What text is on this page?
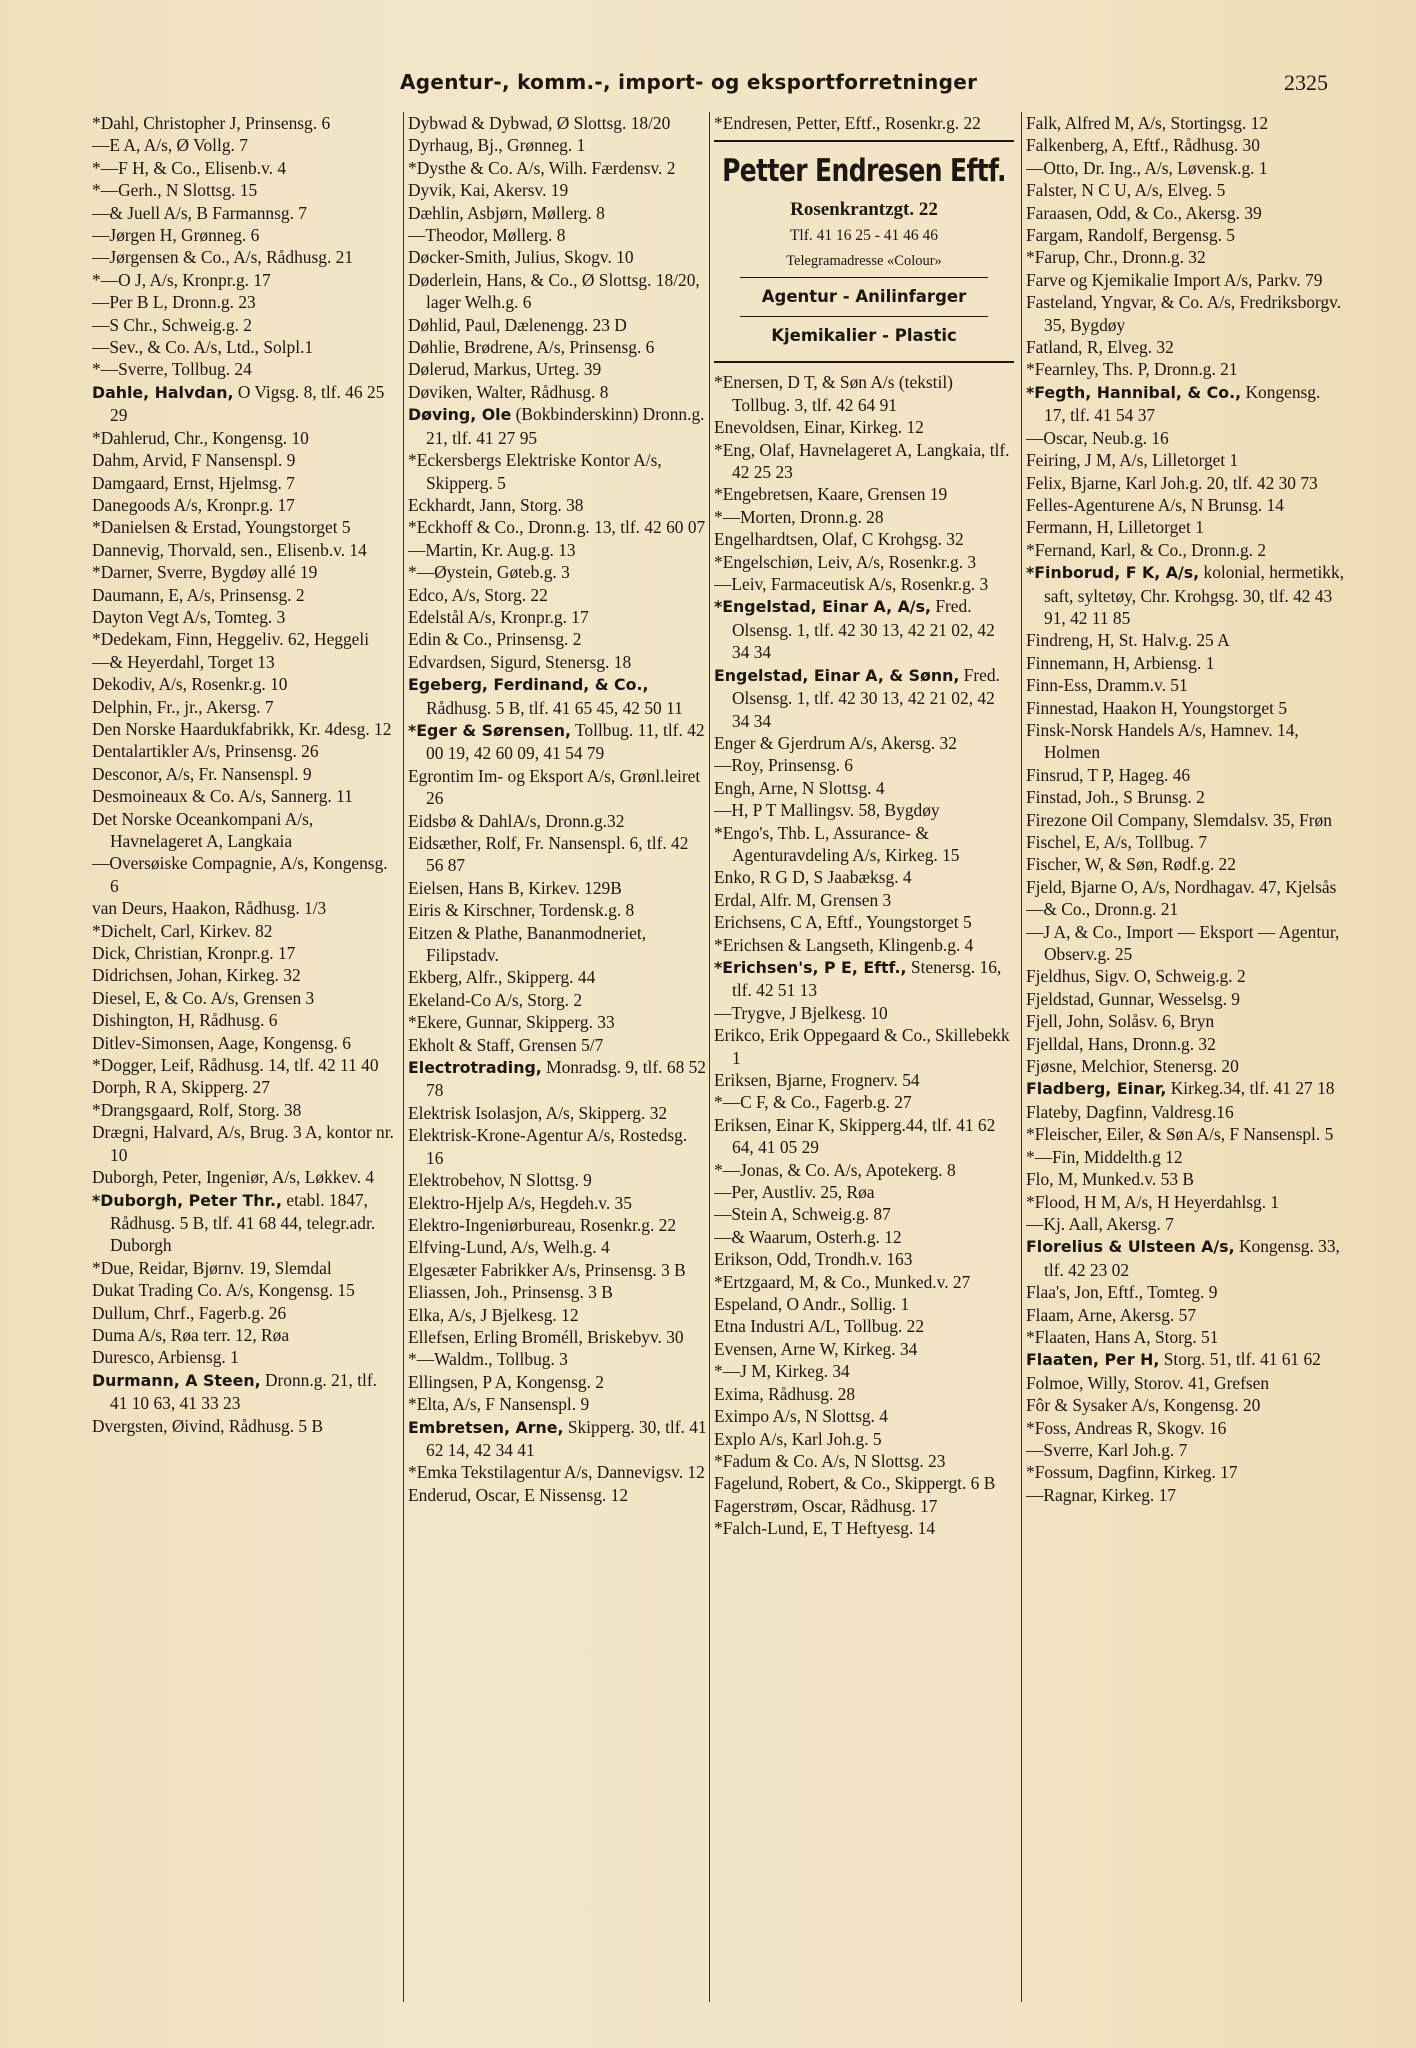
Agentur-, komm.-, import- og eksportforretninger	2325
*Dahl, Christopher J, Prinsensg. 6
—E A, A/s, Ø Vollg. 7
*—F H, & Co., Elisenb.v. 4
*—Gerh., N Slottsg. 15
—& Juell A/s, B Farmannsg. 7
—Jørgen H, Grønneg. 6
—Jørgensen & Co., A/s, Rådhusg. 21
*—O J, A/s, Kronpr.g. 17
—Per B L, Dronn.g. 23
—S Chr., Schweig.g. 2
—Sev., & Co. A/s, Ltd., Solpl.1
*—Sverre, Tollbug. 24
Dahle, Halvdan, O Vigsg. 8, tlf. 46 25 29
*Dahlerud, Chr., Kongensg. 10
Dahm, Arvid, F Nansenspl. 9
Damgaard, Ernst, Hjelmsg. 7
Danegoods A/s, Kronpr.g. 17
*Danielsen & Erstad, Youngstorget 5
Dannevig, Thorvald, sen., Elisenb.v. 14
*Darner, Sverre, Bygdøy allé 19
Daumann, E, A/s, Prinsensg. 2
Dayton Vegt A/s, Tomteg. 3
*Dedekam, Finn, Heggeliv. 62, Heggeli
—& Heyerdahl, Torget 13
Dekodiv, A/s, Rosenkr.g. 10
Delphin, Fr., jr., Akersg. 7
Den Norske Haardukfabrikk, Kr. 4desg. 12
Dentalartikler A/s, Prinsensg. 26
Desconor, A/s, Fr. Nansenspl. 9
Desmoineaux & Co. A/s, Sannerg. 11
Det Norske Oceankompani A/s, Havnelageret A, Langkaia
—Oversøiske Compagnie, A/s, Kongensg. 6
van Deurs, Haakon, Rådhusg. 1/3
*Dichelt, Carl, Kirkev. 82
Dick, Christian, Kronpr.g. 17
Didrichsen, Johan, Kirkeg. 32
Diesel, E, & Co. A/s, Grensen 3
Dishington, H, Rådhusg. 6
Ditlev-Simonsen, Aage, Kongensg. 6
*Dogger, Leif, Rådhusg. 14, tlf. 42 11 40
Dorph, R A, Skipperg. 27
*Drangsgaard, Rolf, Storg. 38
Drægni, Halvard, A/s, Brug. 3 A, kontor nr. 10
Duborgh, Peter, Ingeniør, A/s, Løkkev. 4
*Duborgh, Peter Thr., etabl. 1847, Rådhusg. 5 B, tlf. 41 68 44, telegr.adr. Duborgh
*Due, Reidar, Bjørnv. 19, Slemdal
Dukat Trading Co. A/s, Kongensg. 15
Dullum, Chrf., Fagerb.g. 26
Duma A/s, Røa terr. 12, Røa
Duresco, Arbiensg. 1
Durmann, A Steen, Dronn.g. 21, tlf. 41 10 63, 41 33 23
Dvergsten, Øivind, Rådhusg. 5 B
Dybwad & Dybwad, Ø Slottsg. 18/20
Dyrhaug, Bj., Grønneg. 1
*Dysthe & Co. A/s, Wilh. Færdensv. 2
Dyvik, Kai, Akersv. 19
Dæhlin, Asbjørn, Møllerg. 8
—Theodor, Møllerg. 8
Døcker-Smith, Julius, Skogv. 10
Døderlein, Hans, & Co., Ø Slottsg. 18/20, lager Welh.g. 6
Døhlid, Paul, Dælenengg. 23 D
Døhlie, Brødrene, A/s, Prinsensg. 6
Dølerud, Markus, Urteg. 39
Døviken, Walter, Rådhusg. 8
Døving, Ole (Bokbinderskinn) Dronn.g. 21, tlf. 41 27 95
*Eckersbergs Elektriske Kontor A/s, Skipperg. 5
Eckhardt, Jann, Storg. 38
*Eckhoff & Co., Dronn.g. 13, tlf. 42 60 07
—Martin, Kr. Aug.g. 13
*—Øystein, Gøteb.g. 3
Edco, A/s, Storg. 22
Edelstål A/s, Kronpr.g. 17
Edin & Co., Prinsensg. 2
Edvardsen, Sigurd, Stenersg. 18
Egeberg, Ferdinand, & Co., Rådhusg. 5 B, tlf. 41 65 45, 42 50 11
*Eger & Sørensen, Tollbug. 11, tlf. 42 00 19, 42 60 09, 41 54 79
Egrontim Im- og Eksport A/s, Grønl.leiret 26
Eidsbø & DahlA/s, Dronn.g.32
Eidsæther, Rolf, Fr. Nansenspl. 6, tlf. 42 56 87
Eielsen, Hans B, Kirkev. 129B
Eiris & Kirschner, Tordensk.g. 8
Eitzen & Plathe, Bananmodneriet, Filipstadv.
Ekberg, Alfr., Skipperg. 44
Ekeland-Co A/s, Storg. 2
*Ekere, Gunnar, Skipperg. 33
Ekholt & Staff, Grensen 5/7
Electrotrading, Monradsg. 9, tlf. 68 52 78
Elektrisk Isolasjon, A/s, Skipperg. 32
Elektrisk-Krone-Agentur A/s, Rostedsg. 16
Elektrobehov, N Slottsg. 9
Elektro-Hjelp A/s, Hegdeh.v. 35
Elektro-Ingeniørbureau, Rosenkr.g. 22
Elfving-Lund, A/s, Welh.g. 4
Elgesæter Fabrikker A/s, Prinsensg. 3 B
Eliassen, Joh., Prinsensg. 3 B
Elka, A/s, J Bjelkesg. 12
Ellefsen, Erling Broméll, Briskebyv. 30
*—Waldm., Tollbug. 3
Ellingsen, P A, Kongensg. 2
*Elta, A/s, F Nansenspl. 9
Embretsen, Arne, Skipperg. 30, tlf. 41 62 14, 42 34 41
*Emka Tekstilagentur A/s, Dannevigsv. 12
Enderud, Oscar, E Nissensg. 12
*Endresen, Petter, Eftf., Rosenkr.g. 22
Petter Endresen Eftf.
Rosenkrantzgt. 22
Tlf. 41 16 25 - 41 46 46
Telegramadresse «Colour»
Agentur - Anilinfarger
Kjemikalier - Plastic
*Enersen, D T, & Søn A/s (tekstil) Tollbug. 3, tlf. 42 64 91
Enevoldsen, Einar, Kirkeg. 12
*Eng, Olaf, Havnelageret A, Langkaia, tlf. 42 25 23
*Engebretsen, Kaare, Grensen 19
*—Morten, Dronn.g. 28
Engelhardtsen, Olaf, C Krohgsg. 32
*Engelschiøn, Leiv, A/s, Rosenkr.g. 3
—Leiv, Farmaceutisk A/s, Rosenkr.g. 3
*Engelstad, Einar A, A/s, Fred. Olsensg. 1, tlf. 42 30 13, 42 21 02, 42 34 34
Engelstad, Einar A, & Sønn, Fred. Olsensg. 1, tlf. 42 30 13, 42 21 02, 42 34 34
Enger & Gjerdrum A/s, Akersg. 32
—Roy, Prinsensg. 6
Engh, Arne, N Slottsg. 4
—H, P T Mallingsv. 58, Bygdøy
*Engo's, Thb. L, Assurance- & Agenturavdeling A/s, Kirkeg. 15
Enko, R G D, S Jaabæksg. 4
Erdal, Alfr. M, Grensen 3
Erichsens, C A, Eftf., Youngstorget 5
*Erichsen & Langseth, Klingenb.g. 4
*Erichsen's, P E, Eftf., Stenersg. 16, tlf. 42 51 13
—Trygve, J Bjelkesg. 10
Erikco, Erik Oppegaard & Co., Skillebekk 1
Eriksen, Bjarne, Frognerv. 54
*—C F, & Co., Fagerb.g. 27
Eriksen, Einar K, Skipperg.44, tlf. 41 62 64, 41 05 29
*—Jonas, & Co. A/s, Apotekerg. 8
—Per, Austliv. 25, Røa
—Stein A, Schweig.g. 87
—& Waarum, Osterh.g. 12
Erikson, Odd, Trondh.v. 163
*Ertzgaard, M, & Co., Munked.v. 27
Espeland, O Andr., Sollig. 1
Etna Industri A/L, Tollbug. 22
Evensen, Arne W, Kirkeg. 34
*—J M, Kirkeg. 34
Exima, Rådhusg. 28
Eximpo A/s, N Slottsg. 4
Explo A/s, Karl Joh.g. 5
*Fadum & Co. A/s, N Slottsg. 23
Fagelund, Robert, & Co., Skippergt. 6 B
Fagerstrøm, Oscar, Rådhusg. 17
*Falch-Lund, E, T Heftyesg. 14
Falk, Alfred M, A/s, Stortingsg. 12
Falkenberg, A, Eftf., Rådhusg. 30
—Otto, Dr. Ing., A/s, Løvensk.g. 1
Falster, N C U, A/s, Elveg. 5
Faraasen, Odd, & Co., Akersg. 39
Fargam, Randolf, Bergensg. 5
*Farup, Chr., Dronn.g. 32
Farve og Kjemikalie Import A/s, Parkv. 79
Fasteland, Yngvar, & Co. A/s, Fredriksborgv. 35, Bygdøy
Fatland, R, Elveg. 32
*Fearnley, Ths. P, Dronn.g. 21
*Fegth, Hannibal, & Co., Kongensg. 17, tlf. 41 54 37
—Oscar, Neub.g. 16
Feiring, J M, A/s, Lilletorget 1
Felix, Bjarne, Karl Joh.g. 20, tlf. 42 30 73
Felles-Agenturene A/s, N Brunsg. 14
Fermann, H, Lilletorget 1
*Fernand, Karl, & Co., Dronn.g. 2
*Finborud, F K, A/s, kolonial, hermetikk, saft, syltetøy, Chr. Krohgsg. 30, tlf. 42 43 91, 42 11 85
Findreng, H, St. Halv.g. 25 A
Finnemann, H, Arbiensg. 1
Finn-Ess, Dramm.v. 51
Finnestad, Haakon H, Youngstorget 5
Finsk-Norsk Handels A/s, Hamnev. 14, Holmen
Finsrud, T P, Hageg. 46
Finstad, Joh., S Brunsg. 2
Firezone Oil Company, Slemdalsv. 35, Frøn
Fischel, E, A/s, Tollbug. 7
Fischer, W, & Søn, Rødf.g. 22
Fjeld, Bjarne O, A/s, Nordhagav. 47, Kjelsås
—& Co., Dronn.g. 21
—J A, & Co., Import — Eksport — Agentur, Observ.g. 25
Fjeldhus, Sigv. O, Schweig.g. 2
Fjeldstad, Gunnar, Wesselsg. 9
Fjell, John, Solåsv. 6, Bryn
Fjelldal, Hans, Dronn.g. 32
Fjøsne, Melchior, Stenersg. 20
Fladberg, Einar, Kirkeg.34, tlf. 41 27 18
Flateby, Dagfinn, Valdresg.16
*Fleischer, Eiler, & Søn A/s, F Nansenspl. 5
*—Fin, Middelth.g 12
Flo, M, Munked.v. 53 B
*Flood, H M, A/s, H Heyerdahlsg. 1
—Kj. Aall, Akersg. 7
Florelius & Ulsteen A/s, Kongensg. 33, tlf. 42 23 02
Flaa's, Jon, Eftf., Tomteg. 9
Flaam, Arne, Akersg. 57
*Flaaten, Hans A, Storg. 51
Flaaten, Per H, Storg. 51, tlf. 41 61 62
Folmoe, Willy, Storov. 41, Grefsen
Fôr & Sysaker A/s, Kongensg. 20
*Foss, Andreas R, Skogv. 16
—Sverre, Karl Joh.g. 7
*Fossum, Dagfinn, Kirkeg. 17
—Ragnar, Kirkeg. 17
